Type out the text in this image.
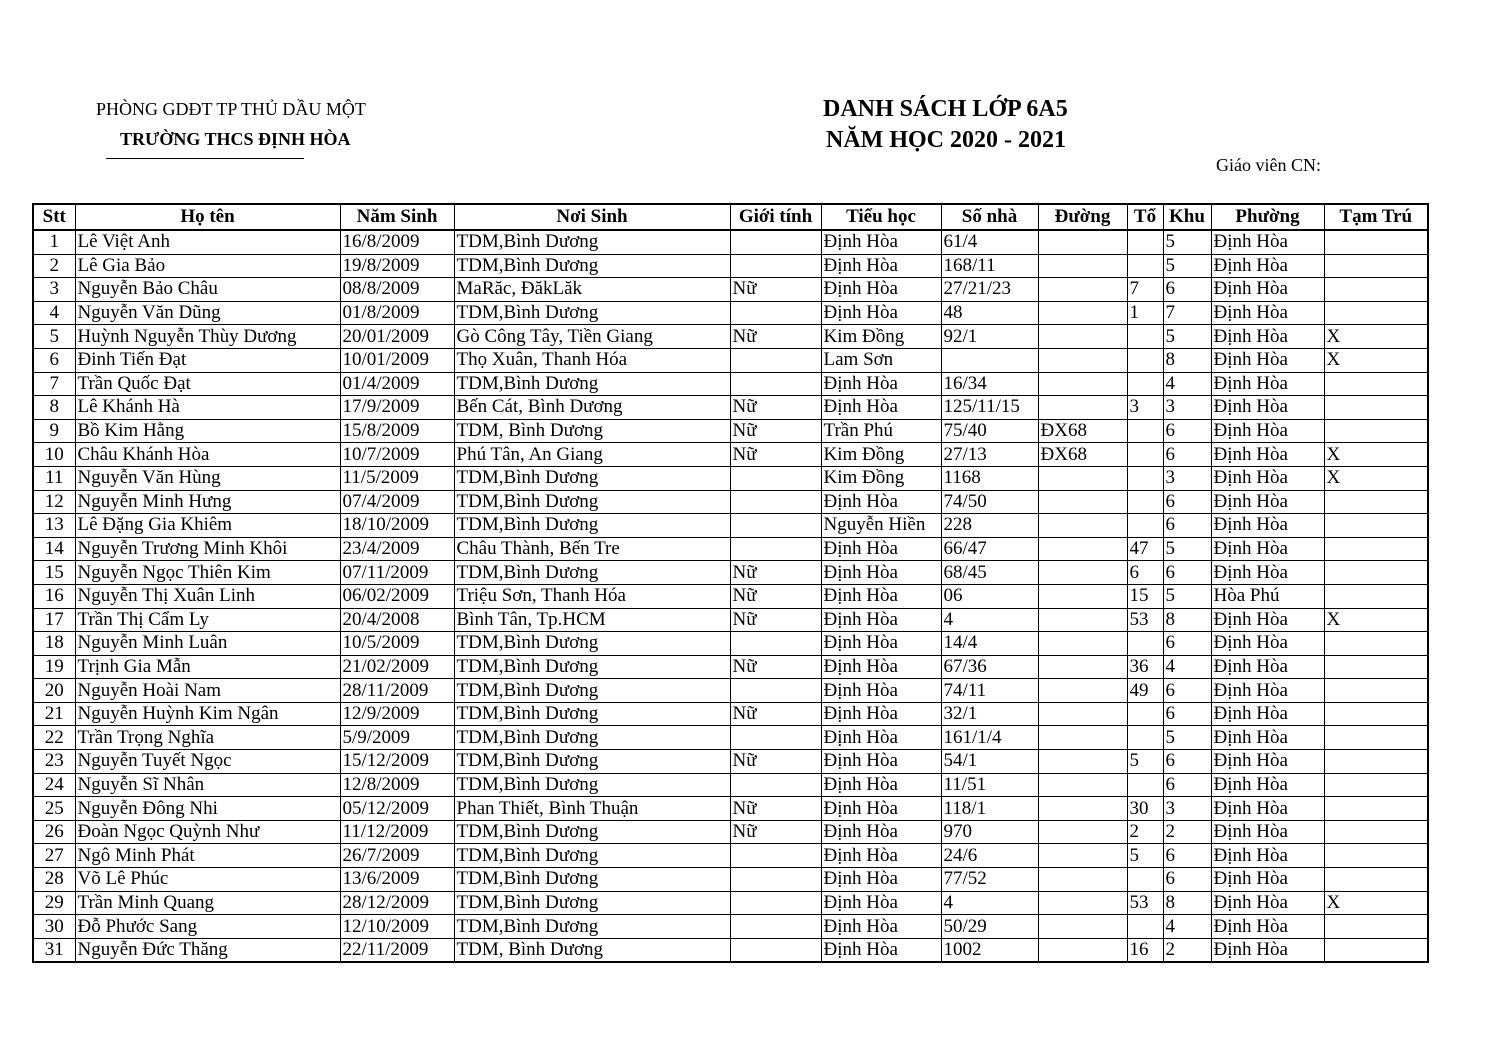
PHÒNG GDĐT TP THỦ DẦU MỘT
TRƯỜNG THCS ĐỊNH HÒA
DANH SÁCH LỚP 6A5
NĂM HỌC 2020 - 2021
Giáo viên CN:
Stt	Họ tên	Năm Sinh	Nơi Sinh	Giới tính	Tiểu học	Số nhà	Đường	Tổ	Khu	Phường	Tạm Trú
1	Lê Việt Anh	16/8/2009	TDM,Bình Dương		Định Hòa	61/4			5	Định Hòa	
2	Lê Gia Bảo	19/8/2009	TDM,Bình Dương		Định Hòa	168/11			5	Định Hòa	
3	Nguyễn Bảo Châu	08/8/2009	MaRăc, ĐăkLăk	Nữ	Định Hòa	27/21/23		7	6	Định Hòa	
4	Nguyễn Văn Dũng	01/8/2009	TDM,Bình Dương		Định Hòa	48		1	7	Định Hòa	
5	Huỳnh Nguyễn Thùy Dương	20/01/2009	Gò Công Tây, Tiền Giang	Nữ	Kim Đồng	92/1			5	Định Hòa	X
6	Đinh Tiến Đạt	10/01/2009	Thọ Xuân, Thanh Hóa		Lam Sơn				8	Định Hòa	X
7	Trần Quốc Đạt	01/4/2009	TDM,Bình Dương		Định Hòa	16/34			4	Định Hòa	
8	Lê Khánh Hà	17/9/2009	Bến Cát, Bình Dương	Nữ	Định Hòa	125/11/15		3	3	Định Hòa	
9	Bồ Kim Hằng	15/8/2009	TDM, Bình Dương	Nữ	Trần Phú	75/40	ĐX68		6	Định Hòa	
10	Châu Khánh Hòa	10/7/2009	Phú Tân, An Giang	Nữ	Kim Đồng	27/13	ĐX68		6	Định Hòa	X
11	Nguyễn Văn Hùng	11/5/2009	TDM,Bình Dương		Kim Đồng	1168			3	Định Hòa	X
12	Nguyễn Minh Hưng	07/4/2009	TDM,Bình Dương		Định Hòa	74/50			6	Định Hòa	
13	Lê Đặng Gia Khiêm	18/10/2009	TDM,Bình Dương		Nguyễn Hiền	228			6	Định Hòa	
14	Nguyễn Trương Minh Khôi	23/4/2009	Châu Thành, Bến Tre		Định Hòa	66/47		47	5	Định Hòa	
15	Nguyễn Ngọc Thiên Kim	07/11/2009	TDM,Bình Dương	Nữ	Định Hòa	68/45		6	6	Định Hòa	
16	Nguyễn Thị Xuân Linh	06/02/2009	Triệu Sơn, Thanh Hóa	Nữ	Định Hòa	06		15	5	Hòa Phú	
17	Trần Thị Cẩm Ly	20/4/2008	Bình Tân, Tp.HCM	Nữ	Định Hòa	4		53	8	Định Hòa	X
18	Nguyễn Minh Luân	10/5/2009	TDM,Bình Dương		Định Hòa	14/4			6	Định Hòa	
19	Trịnh Gia Mẫn	21/02/2009	TDM,Bình Dương	Nữ	Định Hòa	67/36		36	4	Định Hòa	
20	Nguyễn Hoài Nam	28/11/2009	TDM,Bình Dương		Định Hòa	74/11		49	6	Định Hòa	
21	Nguyễn Huỳnh Kim Ngân	12/9/2009	TDM,Bình Dương	Nữ	Định Hòa	32/1			6	Định Hòa	
22	Trần Trọng Nghĩa	5/9/2009	TDM,Bình Dương		Định Hòa	161/1/4			5	Định Hòa	
23	Nguyễn Tuyết Ngọc	15/12/2009	TDM,Bình Dương	Nữ	Định Hòa	54/1		5	6	Định Hòa	
24	Nguyễn Sĩ Nhân	12/8/2009	TDM,Bình Dương		Định Hòa	11/51			6	Định Hòa	
25	Nguyễn Đông Nhi	05/12/2009	Phan Thiết, Bình Thuận	Nữ	Định Hòa	118/1		30	3	Định Hòa	
26	Đoàn Ngọc Quỳnh Như	11/12/2009	TDM,Bình Dương	Nữ	Định Hòa	970		2	2	Định Hòa	
27	Ngô Minh Phát	26/7/2009	TDM,Bình Dương		Định Hòa	24/6		5	6	Định Hòa	
28	Võ Lê Phúc	13/6/2009	TDM,Bình Dương		Định Hòa	77/52			6	Định Hòa	
29	Trần Minh Quang	28/12/2009	TDM,Bình Dương		Định Hòa	4		53	8	Định Hòa	X
30	Đỗ Phước Sang	12/10/2009	TDM,Bình Dương		Định Hòa	50/29			4	Định Hòa	
31	Nguyễn Đức Thăng	22/11/2009	TDM, Bình Dương		Định Hòa	1002		16	2	Định Hòa	
